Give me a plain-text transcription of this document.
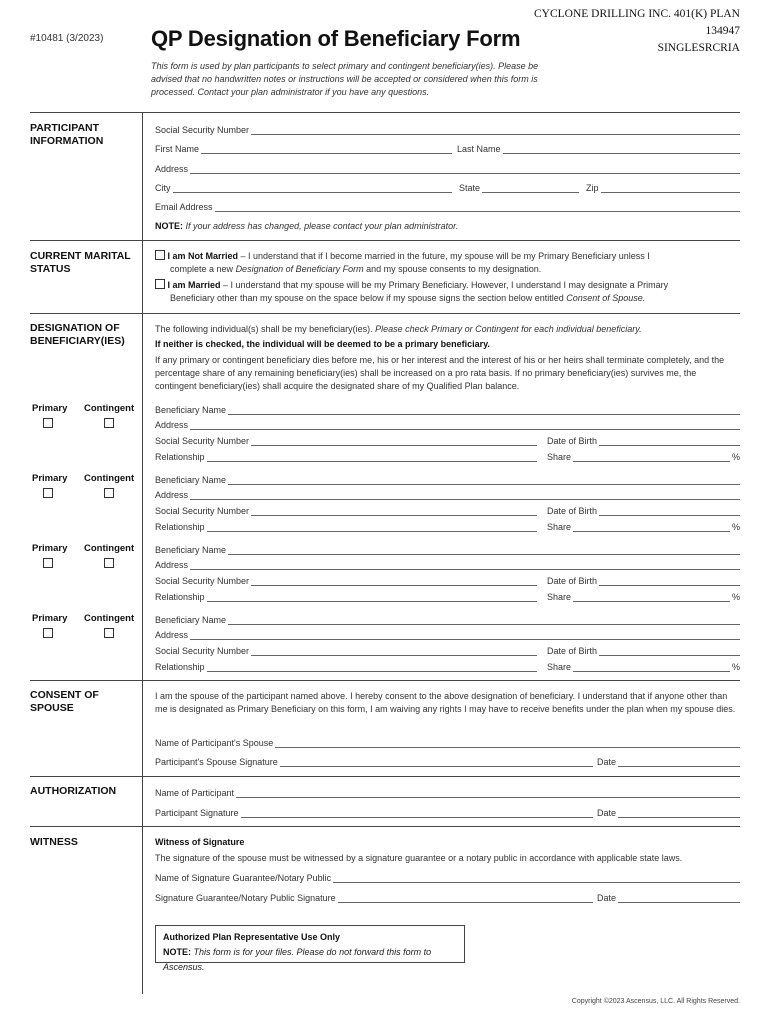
#10481 (3/2023) QP Designation of Beneficiary Form
CYCLONE DRILLING INC. 401(K) PLAN
134947
SINGLESRCRIA
This form is used by plan participants to select primary and contingent beneficiary(ies). Please be advised that no handwritten notes or instructions will be accepted or considered when this form is processed. Contact your plan administrator if you have any questions.
PARTICIPANT INFORMATION
Social Security Number
First Name	Last Name
Address
City	State	Zip
Email Address
NOTE: If your address has changed, please contact your plan administrator.
CURRENT MARITAL STATUS
I am Not Married – I understand that if I become married in the future, my spouse will be my Primary Beneficiary unless I
complete a new Designation of Beneficiary Form and my spouse consents to my designation.
I am Married – I understand that my spouse will be my Primary Beneficiary. However, I understand I may designate a Primary
Beneficiary other than my spouse on the space below if my spouse signs the section below entitled Consent of Spouse.
DESIGNATION OF BENEFICIARY(IES)
The following individual(s) shall be my beneficiary(ies). Please check Primary or Contingent for each individual beneficiary.
If neither is checked, the individual will be deemed to be a primary beneficiary.
If any primary or contingent beneficiary dies before me, his or her interest and the interest of his or her heirs shall terminate completely, and the percentage share of any remaining beneficiary(ies) shall be increased on a pro rata basis. If no primary beneficiary(ies) survives me, the contingent beneficiary(ies) shall acquire the designated share of my Qualified Plan balance.
Primary Contingent Beneficiary Name
Address
Social Security Number	Date of Birth
Relationship	Share	%
Primary Contingent Beneficiary Name
Address
Social Security Number	Date of Birth
Relationship	Share	%
Primary Contingent Beneficiary Name
Address
Social Security Number	Date of Birth
Relationship	Share	%
Primary Contingent Beneficiary Name
Address
Social Security Number	Date of Birth
Relationship	Share	%
CONSENT OF SPOUSE
I am the spouse of the participant named above. I hereby consent to the above designation of beneficiary. I understand that if anyone other than me is designated as Primary Beneficiary on this form, I am waiving any rights I may have to receive benefits under the plan when my spouse dies.
Name of Participant's Spouse
Participant's Spouse Signature	Date
AUTHORIZATION	Name of Participant
Participant Signature	Date
WITNESS	Witness of Signature
The signature of the spouse must be witnessed by a signature guarantee or a notary public in accordance with applicable state laws.
Name of Signature Guarantee/Notary Public
Signature Guarantee/Notary Public Signature	Date
Authorized Plan Representative Use Only
NOTE: This form is for your files. Please do not forward this form to Ascensus.
Copyright ©2023 Ascensus, LLC. All Rights Reserved.
